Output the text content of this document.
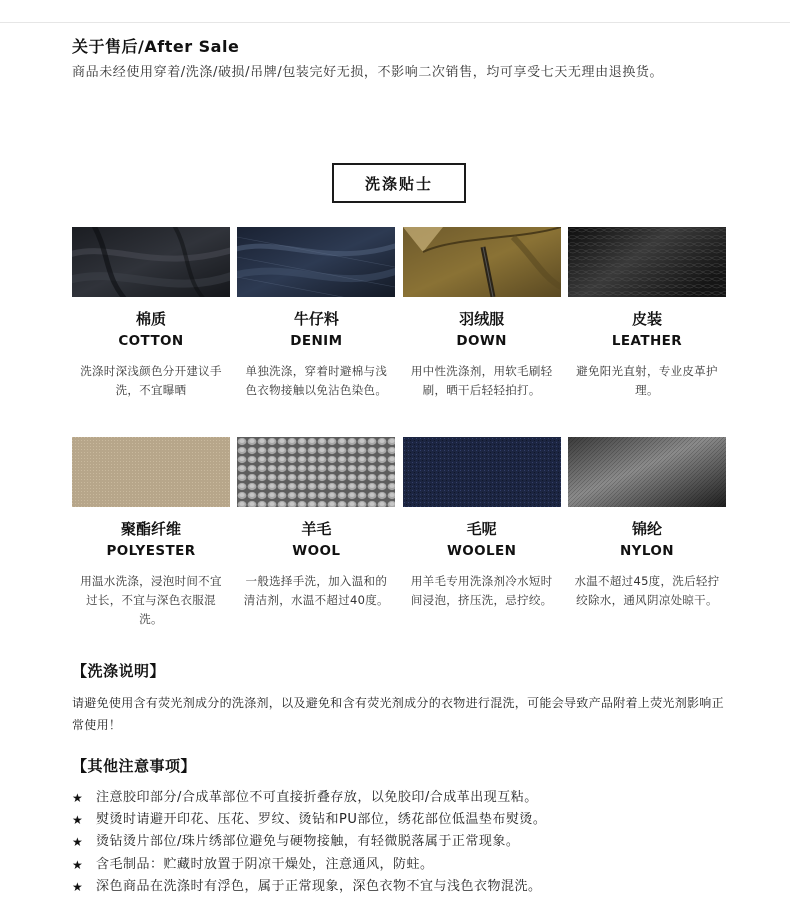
关于售后/After Sale
商品未经使用穿着/洗涤/破损/吊牌/包装完好无损，不影响二次销售，均可享受七天无理由退换货。
洗涤贴士
棉质
COTTON
洗涤时深浅颜色分开建议手洗，不宜曝晒
牛仔料
DENIM
单独洗涤，穿着时避棉与浅色衣物接触以免沾色染色。
羽绒服
DOWN
用中性洗涤剂，用软毛刷轻刷，晒干后轻轻拍打。
皮装
LEATHER
避免阳光直射，专业皮革护理。
聚酯纤维
POLYESTER
用温水洗涤，浸泡时间不宜过长，不宜与深色衣服混洗。
羊毛
WOOL
一般选择手洗，加入温和的清洁剂，水温不超过40度。
毛呢
WOOLEN
用羊毛专用洗涤剂冷水短时间浸泡，挤压洗，忌拧绞。
锦纶
NYLON
水温不超过45度，洗后轻拧绞除水，通风阴凉处晾干。
【洗涤说明】
请避免使用含有荧光剂成分的洗涤剂，以及避免和含有荧光剂成分的衣物进行混洗，可能会导致产品附着上荧光剂影响正常使用！
【其他注意事项】
★ 注意胶印部分/合成革部位不可直接折叠存放，以免胶印/合成革出现互粘。
★ 熨烫时请避开印花、压花、罗纹、烫钻和PU部位，绣花部位低温垫布熨烫。
★ 烫钻烫片部位/珠片绣部位避免与硬物接触，有轻微脱落属于正常现象。
★ 含毛制品：贮藏时放置于阴凉干燥处，注意通风，防蛀。
★ 深色商品在洗涤时有浮色，属于正常现象，深色衣物不宜与浅色衣物混洗。
